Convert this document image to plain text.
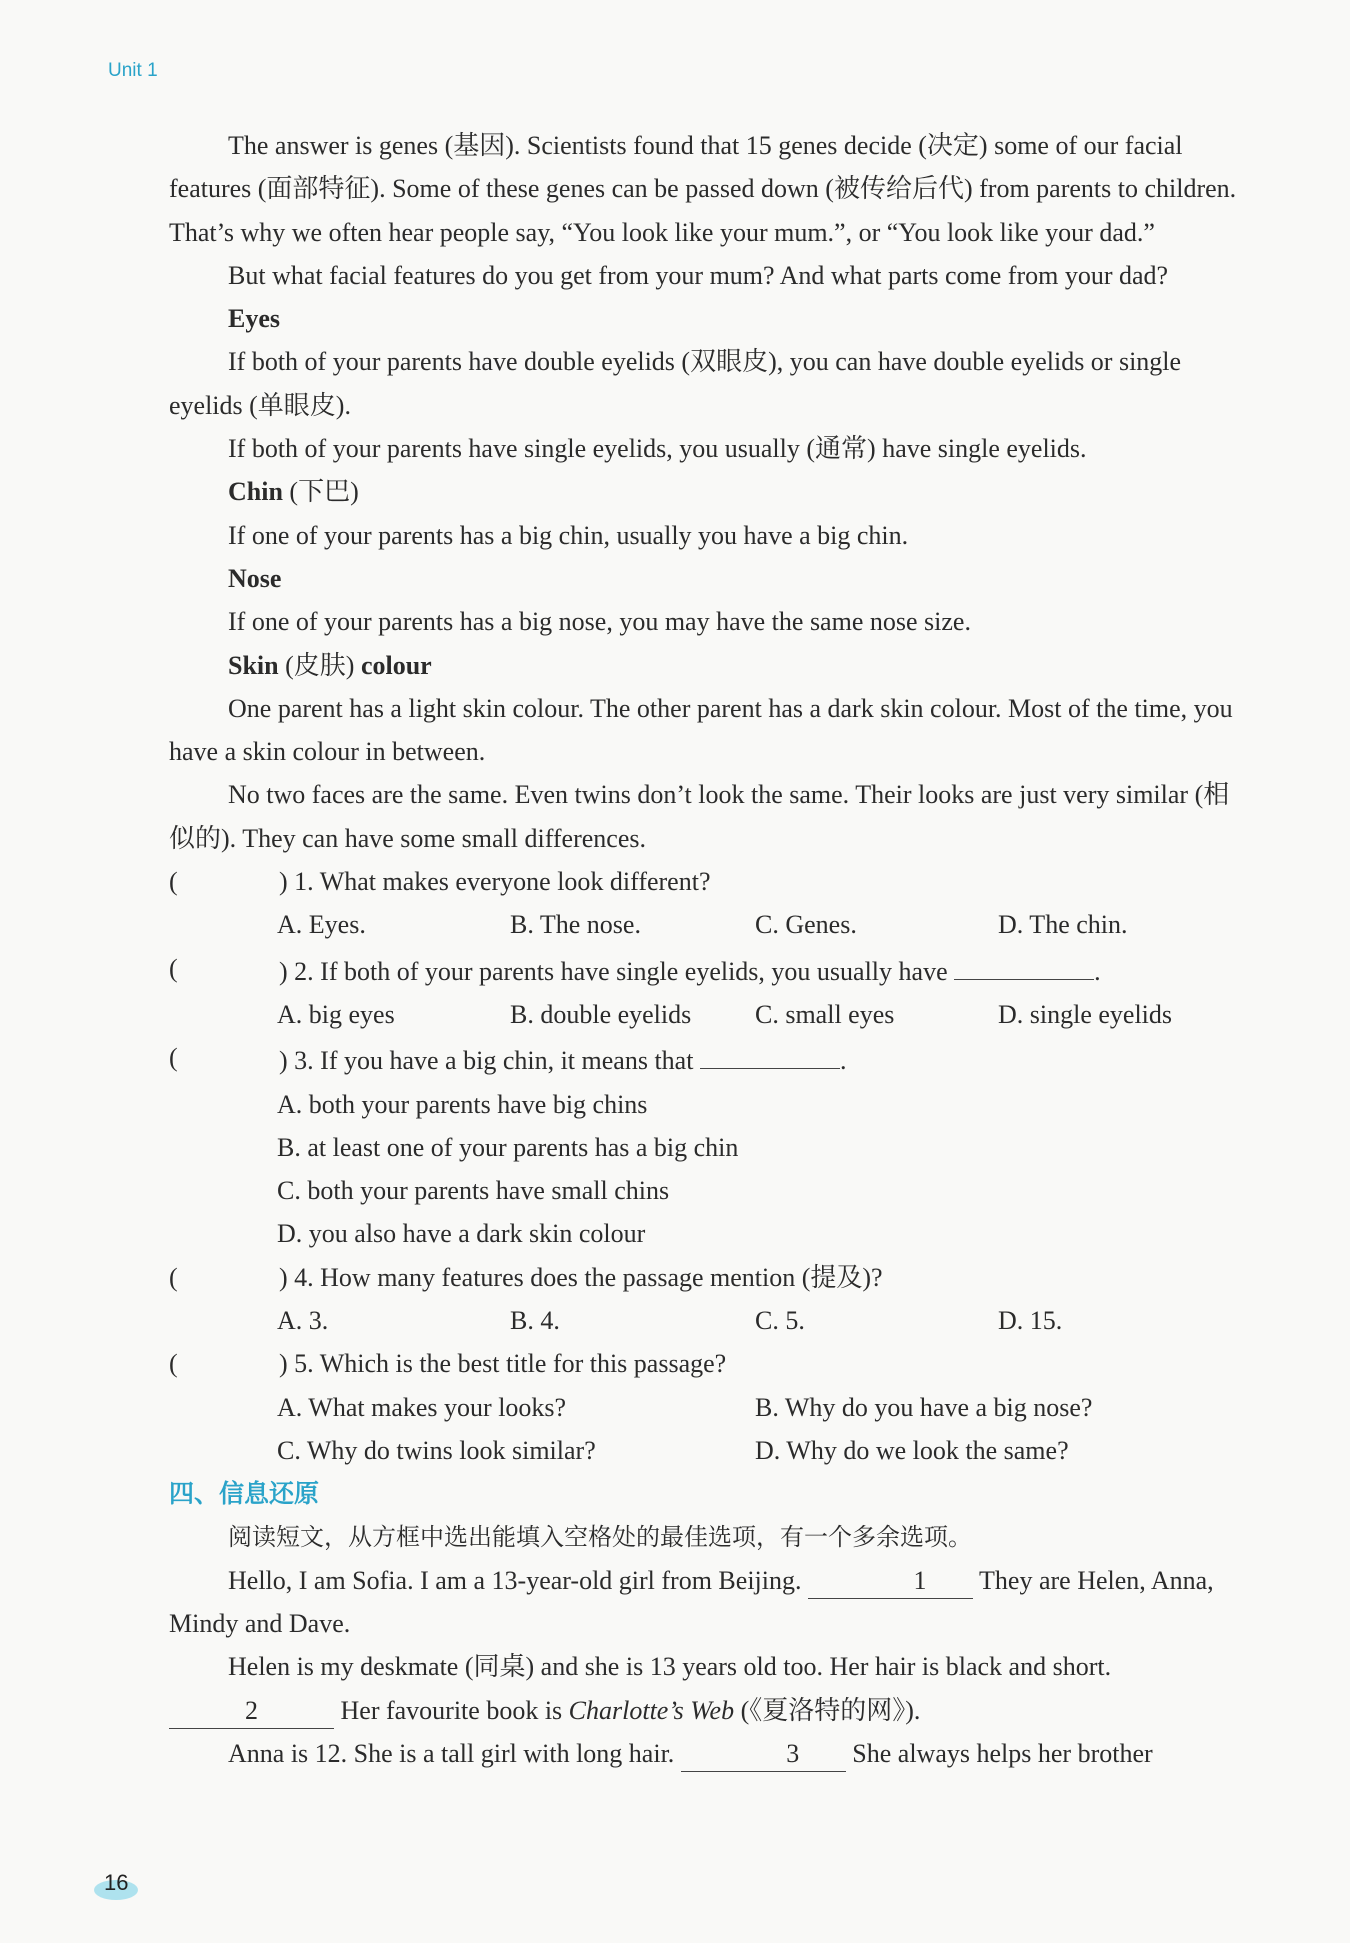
Unit 1

The answer is genes (基因). Scientists found that 15 genes decide (决定) some of our facial features (面部特征). Some of these genes can be passed down (被传给后代) from parents to children. That’s why we often hear people say, “You look like your mum.”, or “You look like your dad.”

But what facial features do you get from your mum? And what parts come from your dad?

Eyes

If both of your parents have double eyelids (双眼皮), you can have double eyelids or single eyelids (单眼皮).

If both of your parents have single eyelids, you usually (通常) have single eyelids.

Chin (下巴)

If one of your parents has a big chin, usually you have a big chin.

Nose

If one of your parents has a big nose, you may have the same nose size.

Skin (皮肤) colour

One parent has a light skin colour. The other parent has a dark skin colour. Most of the time, you have a skin colour in between.

No two faces are the same. Even twins don’t look the same. Their looks are just very similar (相似的). They can have some small differences.

(	) 1. What makes everyone look different?
A. Eyes.	B. The nose.	C. Genes.	D. The chin.
(	) 2. If both of your parents have single eyelids, you usually have	.
A. big eyes	B. double eyelids C. small eyes	D. single eyelids
(	) 3. If you have a big chin, it means that	.

A. both your parents have big chins

B. at least one of your parents has a big chin

C. both your parents have small chins

D. you also have a dark skin colour

(	) 4. How many features does the passage mention (提及)?
A. 3.	B. 4.	C. 5.	D. 15.
(	) 5. Which is the best title for this passage?
A. What makes your looks?	B. Why do you have a big nose?
C. Why do twins look similar?	D. Why do we look the same?

四、信息还原

阅读短文，从方框中选出能填入空格处的最佳选项，有一个多余选项。

Hello, I am Sofia. I am a 13-year-old girl from Beijing.	1 They are Helen, Anna, Mindy and Dave.

Helen is my deskmate (同桌) and she is 13 years old too. Her hair is black and short.

2	Her favourite book is Charlotte’s Web (《夏洛特的网》).

Anna is 12. She is a tall girl with long hair.	3 She always helps her brother

16
